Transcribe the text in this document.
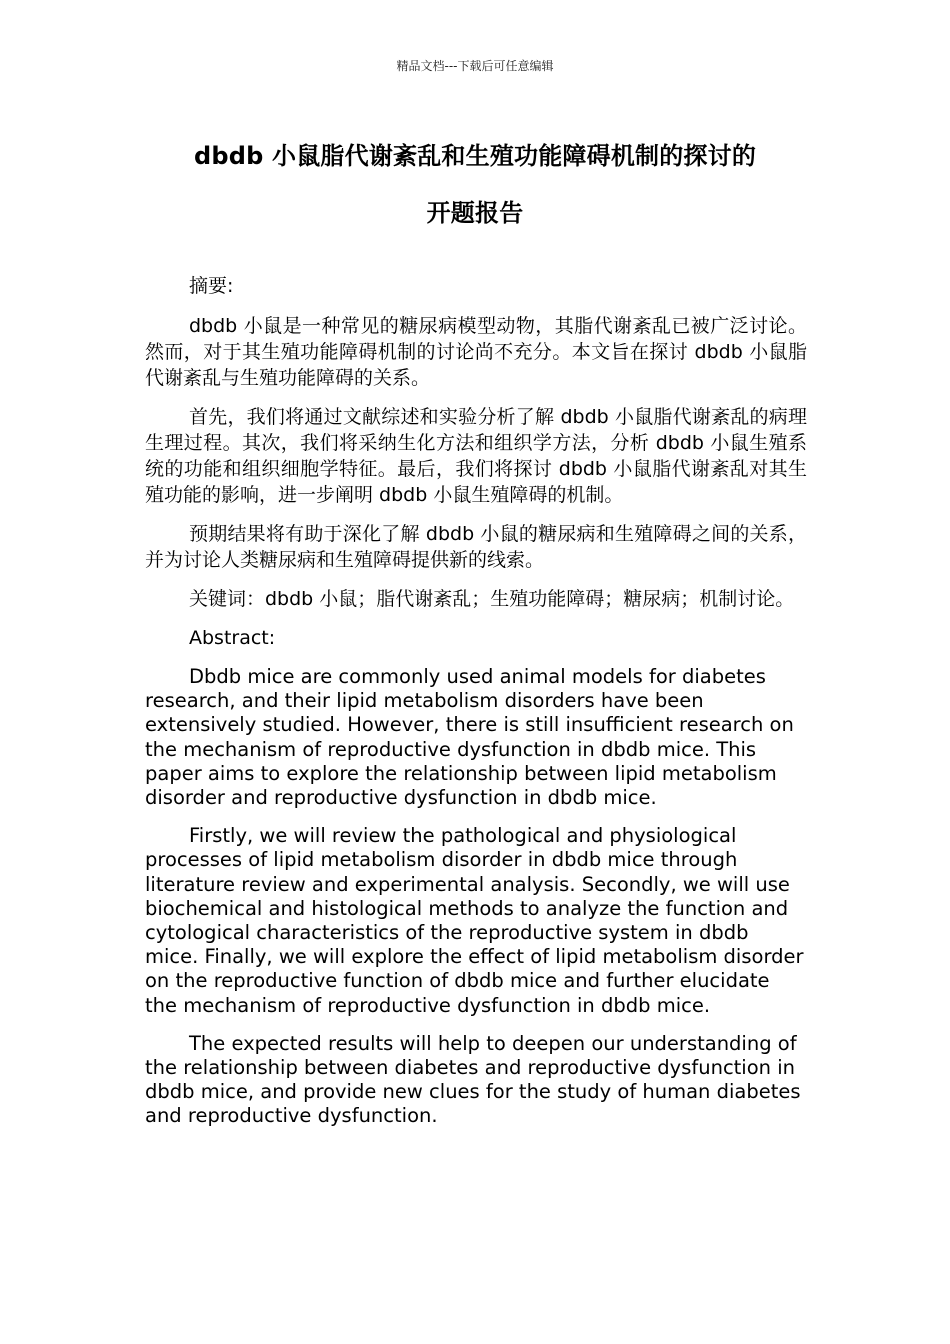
精品文档---下载后可任意编辑
dbdb 小鼠脂代谢紊乱和生殖功能障碍机制的探讨的
开题报告

摘要:

dbdb 小鼠是一种常见的糖尿病模型动物，其脂代谢紊乱已被广泛讨论。然而，对于其生殖功能障碍机制的讨论尚不充分。本文旨在探讨 dbdb 小鼠脂代谢紊乱与生殖功能障碍的关系。

首先，我们将通过文献综述和实验分析了解 dbdb 小鼠脂代谢紊乱的病理生理过程。其次，我们将采纳生化方法和组织学方法，分析 dbdb 小鼠生殖系统的功能和组织细胞学特征。最后，我们将探讨 dbdb 小鼠脂代谢紊乱对其生殖功能的影响，进一步阐明 dbdb 小鼠生殖障碍的机制。

预期结果将有助于深化了解 dbdb 小鼠的糖尿病和生殖障碍之间的关系，并为讨论人类糖尿病和生殖障碍提供新的线索。

关键词：dbdb 小鼠；脂代谢紊乱；生殖功能障碍；糖尿病；机制讨论。

Abstract:

Dbdb mice are commonly used animal models for diabetes research, and their lipid metabolism disorders have been extensively studied. However, there is still insufficient research on the mechanism of reproductive dysfunction in dbdb mice. This paper aims to explore the relationship between lipid metabolism disorder and reproductive dysfunction in dbdb mice.

Firstly, we will review the pathological and physiological processes of lipid metabolism disorder in dbdb mice through literature review and experimental analysis. Secondly, we will use biochemical and histological methods to analyze the function and cytological characteristics of the reproductive system in dbdb mice. Finally, we will explore the effect of lipid metabolism disorder on the reproductive function of dbdb mice and further elucidate the mechanism of reproductive dysfunction in dbdb mice.

The expected results will help to deepen our understanding of the relationship between diabetes and reproductive dysfunction in dbdb mice, and provide new clues for the study of human diabetes and reproductive dysfunction.
